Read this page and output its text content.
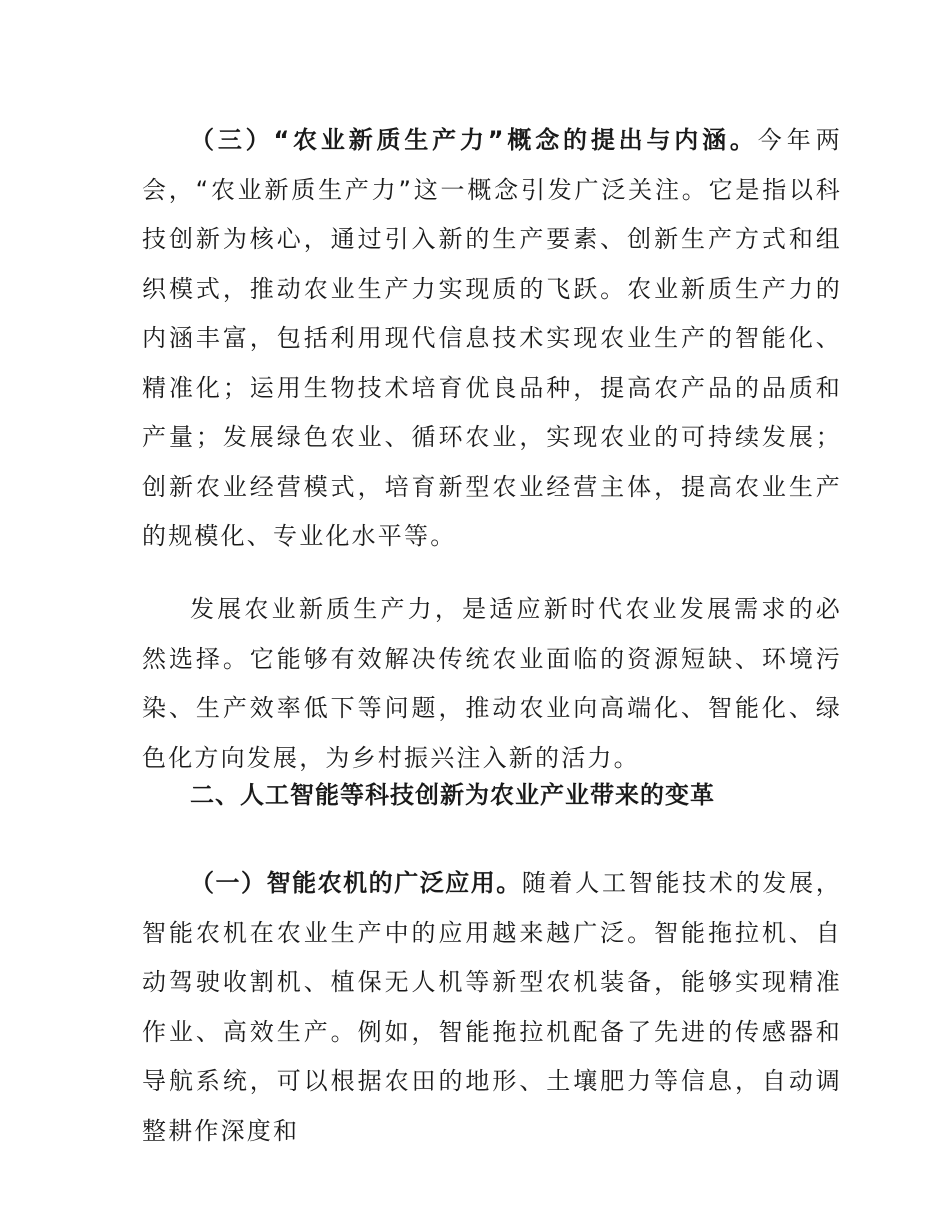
（三）“农业新质生产力”概念的提出与内涵。今年两会，“农业新质生产力”这一概念引发广泛关注。它是指以科技创新为核心，通过引入新的生产要素、创新生产方式和组织模式，推动农业生产力实现质的飞跃。农业新质生产力的内涵丰富，包括利用现代信息技术实现农业生产的智能化、精准化；运用生物技术培育优良品种，提高农产品的品质和产量；发展绿色农业、循环农业，实现农业的可持续发展；创新农业经营模式，培育新型农业经营主体，提高农业生产的规模化、专业化水平等。

发展农业新质生产力，是适应新时代农业发展需求的必然选择。它能够有效解决传统农业面临的资源短缺、环境污染、生产效率低下等问题，推动农业向高端化、智能化、绿色化方向发展，为乡村振兴注入新的活力。

二、人工智能等科技创新为农业产业带来的变革

（一）智能农机的广泛应用。随着人工智能技术的发展，智能农机在农业生产中的应用越来越广泛。智能拖拉机、自动驾驶收割机、植保无人机等新型农机装备，能够实现精准作业、高效生产。例如，智能拖拉机配备了先进的传感器和导航系统，可以根据农田的地形、土壤肥力等信息，自动调整耕作深度和
